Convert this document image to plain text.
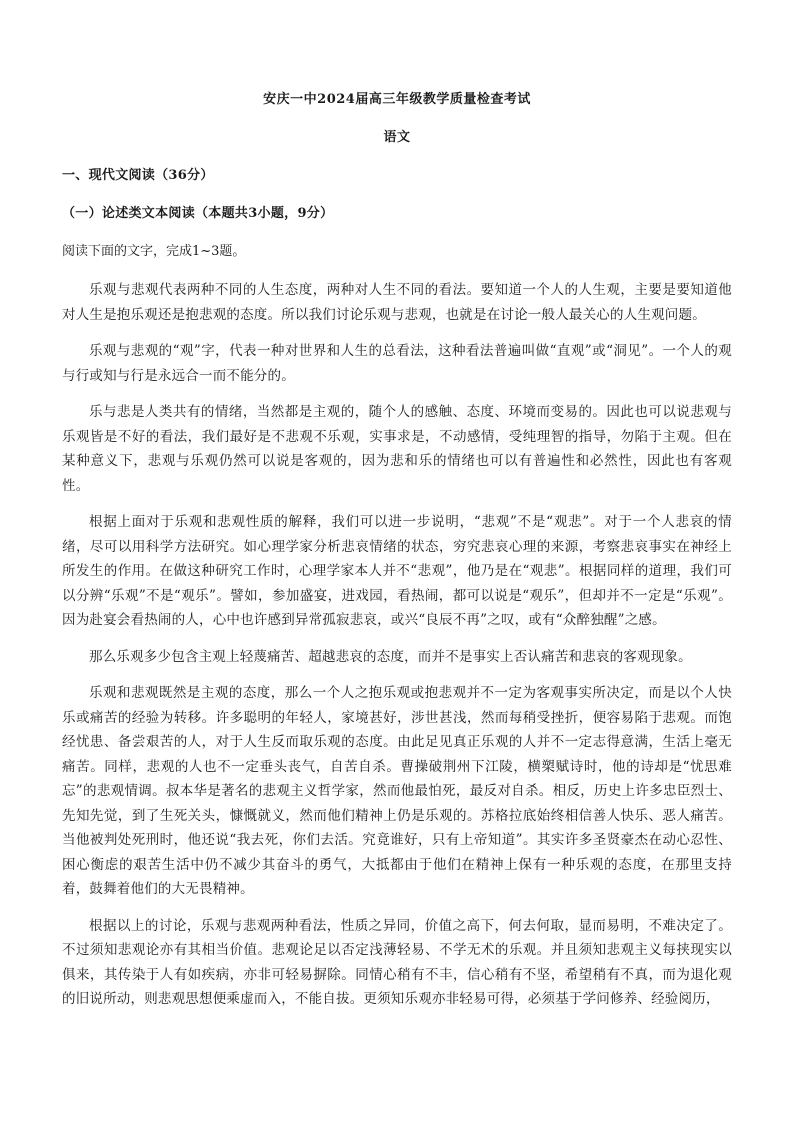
安庆一中2024届高三年级教学质量检查考试
语文
一、现代文阅读（36分）
（一）论述类文本阅读（本题共3小题，9分）
阅读下面的文字，完成1~3题。

乐观与悲观代表两种不同的人生态度，两种对人生不同的看法。要知道一个人的人生观，主要是要知道他对人生是抱乐观还是抱悲观的态度。所以我们讨论乐观与悲观，也就是在讨论一般人最关心的人生观问题。

乐观与悲观的“观”字，代表一种对世界和人生的总看法，这种看法普遍叫做“直观”或“洞见”。一个人的观与行或知与行是永远合一而不能分的。

乐与悲是人类共有的情绪，当然都是主观的，随个人的感触、态度、环境而变易的。因此也可以说悲观与乐观皆是不好的看法，我们最好是不悲观不乐观，实事求是，不动感情，受纯理智的指导，勿陷于主观。但在某种意义下，悲观与乐观仍然可以说是客观的，因为悲和乐的情绪也可以有普遍性和必然性，因此也有客观性。

根据上面对于乐观和悲观性质的解释，我们可以进一步说明，“悲观”不是“观悲”。对于一个人悲哀的情绪，尽可以用科学方法研究。如心理学家分析悲哀情绪的状态，穷究悲哀心理的来源，考察悲哀事实在神经上所发生的作用。在做这种研究工作时，心理学家本人并不“悲观”，他乃是在“观悲”。根据同样的道理，我们可以分辨“乐观”不是“观乐”。譬如，参加盛宴，进戏园，看热闹，都可以说是“观乐”，但却并不一定是“乐观”。因为赴宴会看热闹的人，心中也许感到异常孤寂悲哀，或兴“良辰不再”之叹，或有“众醉独醒”之感。

那么乐观多少包含主观上轻蔑痛苦、超越悲哀的态度，而并不是事实上否认痛苦和悲哀的客观现象。

乐观和悲观既然是主观的态度，那么一个人之抱乐观或抱悲观并不一定为客观事实所决定，而是以个人快乐或痛苦的经验为转移。许多聪明的年轻人，家境甚好，涉世甚浅，然而每稍受挫折，便容易陷于悲观。而饱经忧患、备尝艰苦的人，对于人生反而取乐观的态度。由此足见真正乐观的人并不一定志得意满，生活上毫无痛苦。同样，悲观的人也不一定垂头丧气，自苦自杀。曹操破荆州下江陵，横槊赋诗时，他的诗却是“忧思难忘”的悲观情调。叔本华是著名的悲观主义哲学家，然而他最怕死，最反对自杀。相反，历史上许多忠臣烈士、先知先觉，到了生死关头，慷慨就义，然而他们精神上仍是乐观的。苏格拉底始终相信善人快乐、恶人痛苦。当他被判处死刑时，他还说“我去死，你们去活。究竟谁好，只有上帝知道”。其实许多圣贤豪杰在动心忍性、困心衡虑的艰苦生活中仍不减少其奋斗的勇气，大抵都由于他们在精神上保有一种乐观的态度，在那里支持着，鼓舞着他们的大无畏精神。

根据以上的讨论，乐观与悲观两种看法，性质之异同，价值之高下，何去何取，显而易明，不难决定了。不过须知悲观论亦有其相当价值。悲观论足以否定浅薄轻易、不学无术的乐观。并且须知悲观主义每挟现实以俱来，其传染于人有如疾病，亦非可轻易摒除。同情心稍有不丰，信心稍有不坚，希望稍有不真，而为退化观的旧说所动，则悲观思想便乘虚而入，不能自拔。更须知乐观亦非轻易可得，必须基于学问修养、经验阅历，
